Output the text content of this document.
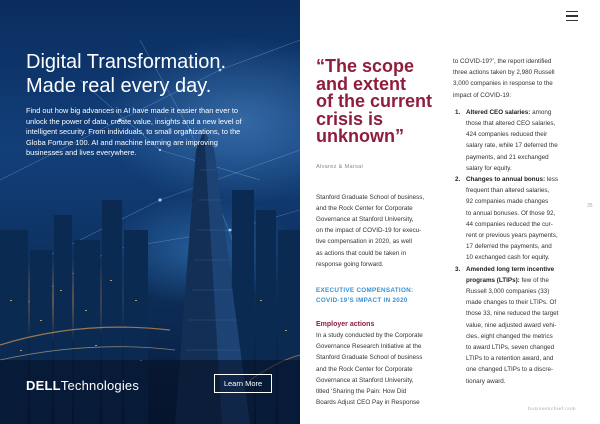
Digital Transformation.
Made real every day.
Find out how big advances in AI have made it easier than ever to unlock the power of data, create value, insights and a new level of intelligent security. From individuals, to small organizations, to the Globa Fortune 100. AI and machine learning are improving businesses and lives everywhere.
DELLTechnologies	Learn More
“The scope
and extent
of the current
crisis is
unknown”
Alvarez & Marsal
Stanford Graduate School of business,
and the Rock Center for Corporate
Governance at Stanford University,
on the impact of COVID-19 for execu-
tive compensation in 2020, as well
as actions that could be taken in
response going forward.
EXECUTIVE COMPENSATION:
COVID-19’S IMPACT IN 2020
Employer actions
In a study conducted by the Corporate
Governance Research Initiative at the
Stanford Graduate School of business
and the Rock Center for Corporate
Governance at Stanford University,
titled ‘Sharing the Pain: How Did
Boards Adjust CEO Pay in Response
to COVID-19?’, the report identified
three actions taken by 2,980 Russell
3,000 companies in response to the
impact of COVID-19:
1. Altered CEO salaries: among
those that altered CEO salaries,
424 companies reduced their
salary rate, while 17 deferred the
payments, and 21 exchanged
salary for equity.
2. Changes to annual bonus: less
frequent than altered salaries,
92 companies made changes
to annual bonuses. Of those 92,
44 companies reduced the cur-
rent or previous years payments,
17 deferred the payments, and
10 exchanged cash for equity.
3. Amended long term incentive
programs (LTIPs): few of the
Russell 3,000 companies (33)
made changes to their LTIPs. Of
those 33, nine reduced the target
value, nine adjusted award vehi-
cles, eight changed the metrics
to award LTIPs, seven changed
LTIPs to a retention award, and
one changed LTIPs to a discre-
tionary award.
35
businesschief.com
